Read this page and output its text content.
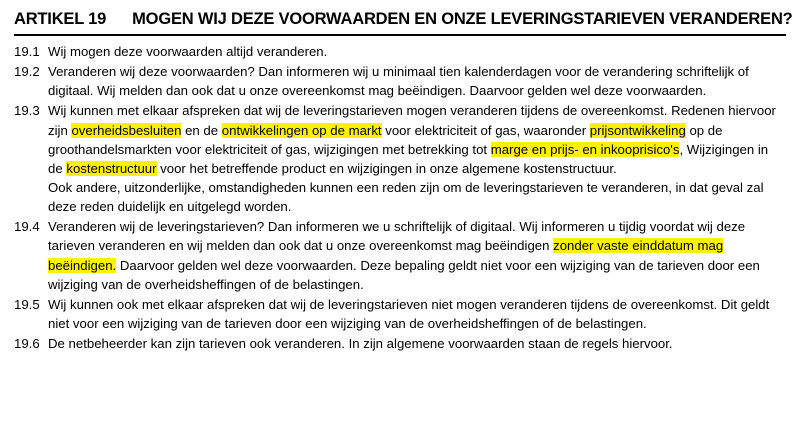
ARTIKEL 19 MOGEN WIJ DEZE VOORWAARDEN EN ONZE LEVERINGSTARIEVEN VERANDEREN?
19.1 Wij mogen deze voorwaarden altijd veranderen.

19.2 Veranderen wij deze voorwaarden? Dan informeren wij u minimaal tien kalenderdagen voor de verandering schriftelijk of digitaal. Wij melden dan ook dat u onze overeenkomst mag beëindigen. Daarvoor gelden wel deze voorwaarden.

19.3 Wij kunnen met elkaar afspreken dat wij de leveringstarieven mogen veranderen tijdens de overeenkomst. Redenen hiervoor zijn overheidsbesluiten en de ontwikkelingen op de markt voor elektriciteit of gas, waaronder prijsontwikkeling op de groothandelsmarkten voor elektriciteit of gas, wijzigingen met betrekking tot marge en prijs- en inkooprisico's, Wijzigingen in de kostenstructuur voor het betreffende product en wijzigingen in onze algemene kostenstructuur.

Ook andere, uitzonderlijke, omstandigheden kunnen een reden zijn om de leveringstarieven te veranderen, in dat geval zal deze reden duidelijk en uitgelegd worden.

19.4 Veranderen wij de leveringstarieven? Dan informeren we u schriftelijk of digitaal. Wij informeren u tijdig voordat wij deze tarieven veranderen en wij melden dan ook dat u onze overeenkomst mag beëindigen zonder vaste einddatum mag beëindigen. Daarvoor gelden wel deze voorwaarden. Deze bepaling geldt niet voor een wijziging van de tarieven door een wijziging van de overheidsheffingen of de belastingen.

19.5 Wij kunnen ook met elkaar afspreken dat wij de leveringstarieven niet mogen veranderen tijdens de overeenkomst. Dit geldt niet voor een wijziging van de tarieven door een wijziging van de overheidsheffingen of de belastingen.

19.6 De netbeheerder kan zijn tarieven ook veranderen. In zijn algemene voorwaarden staan de regels hiervoor.
